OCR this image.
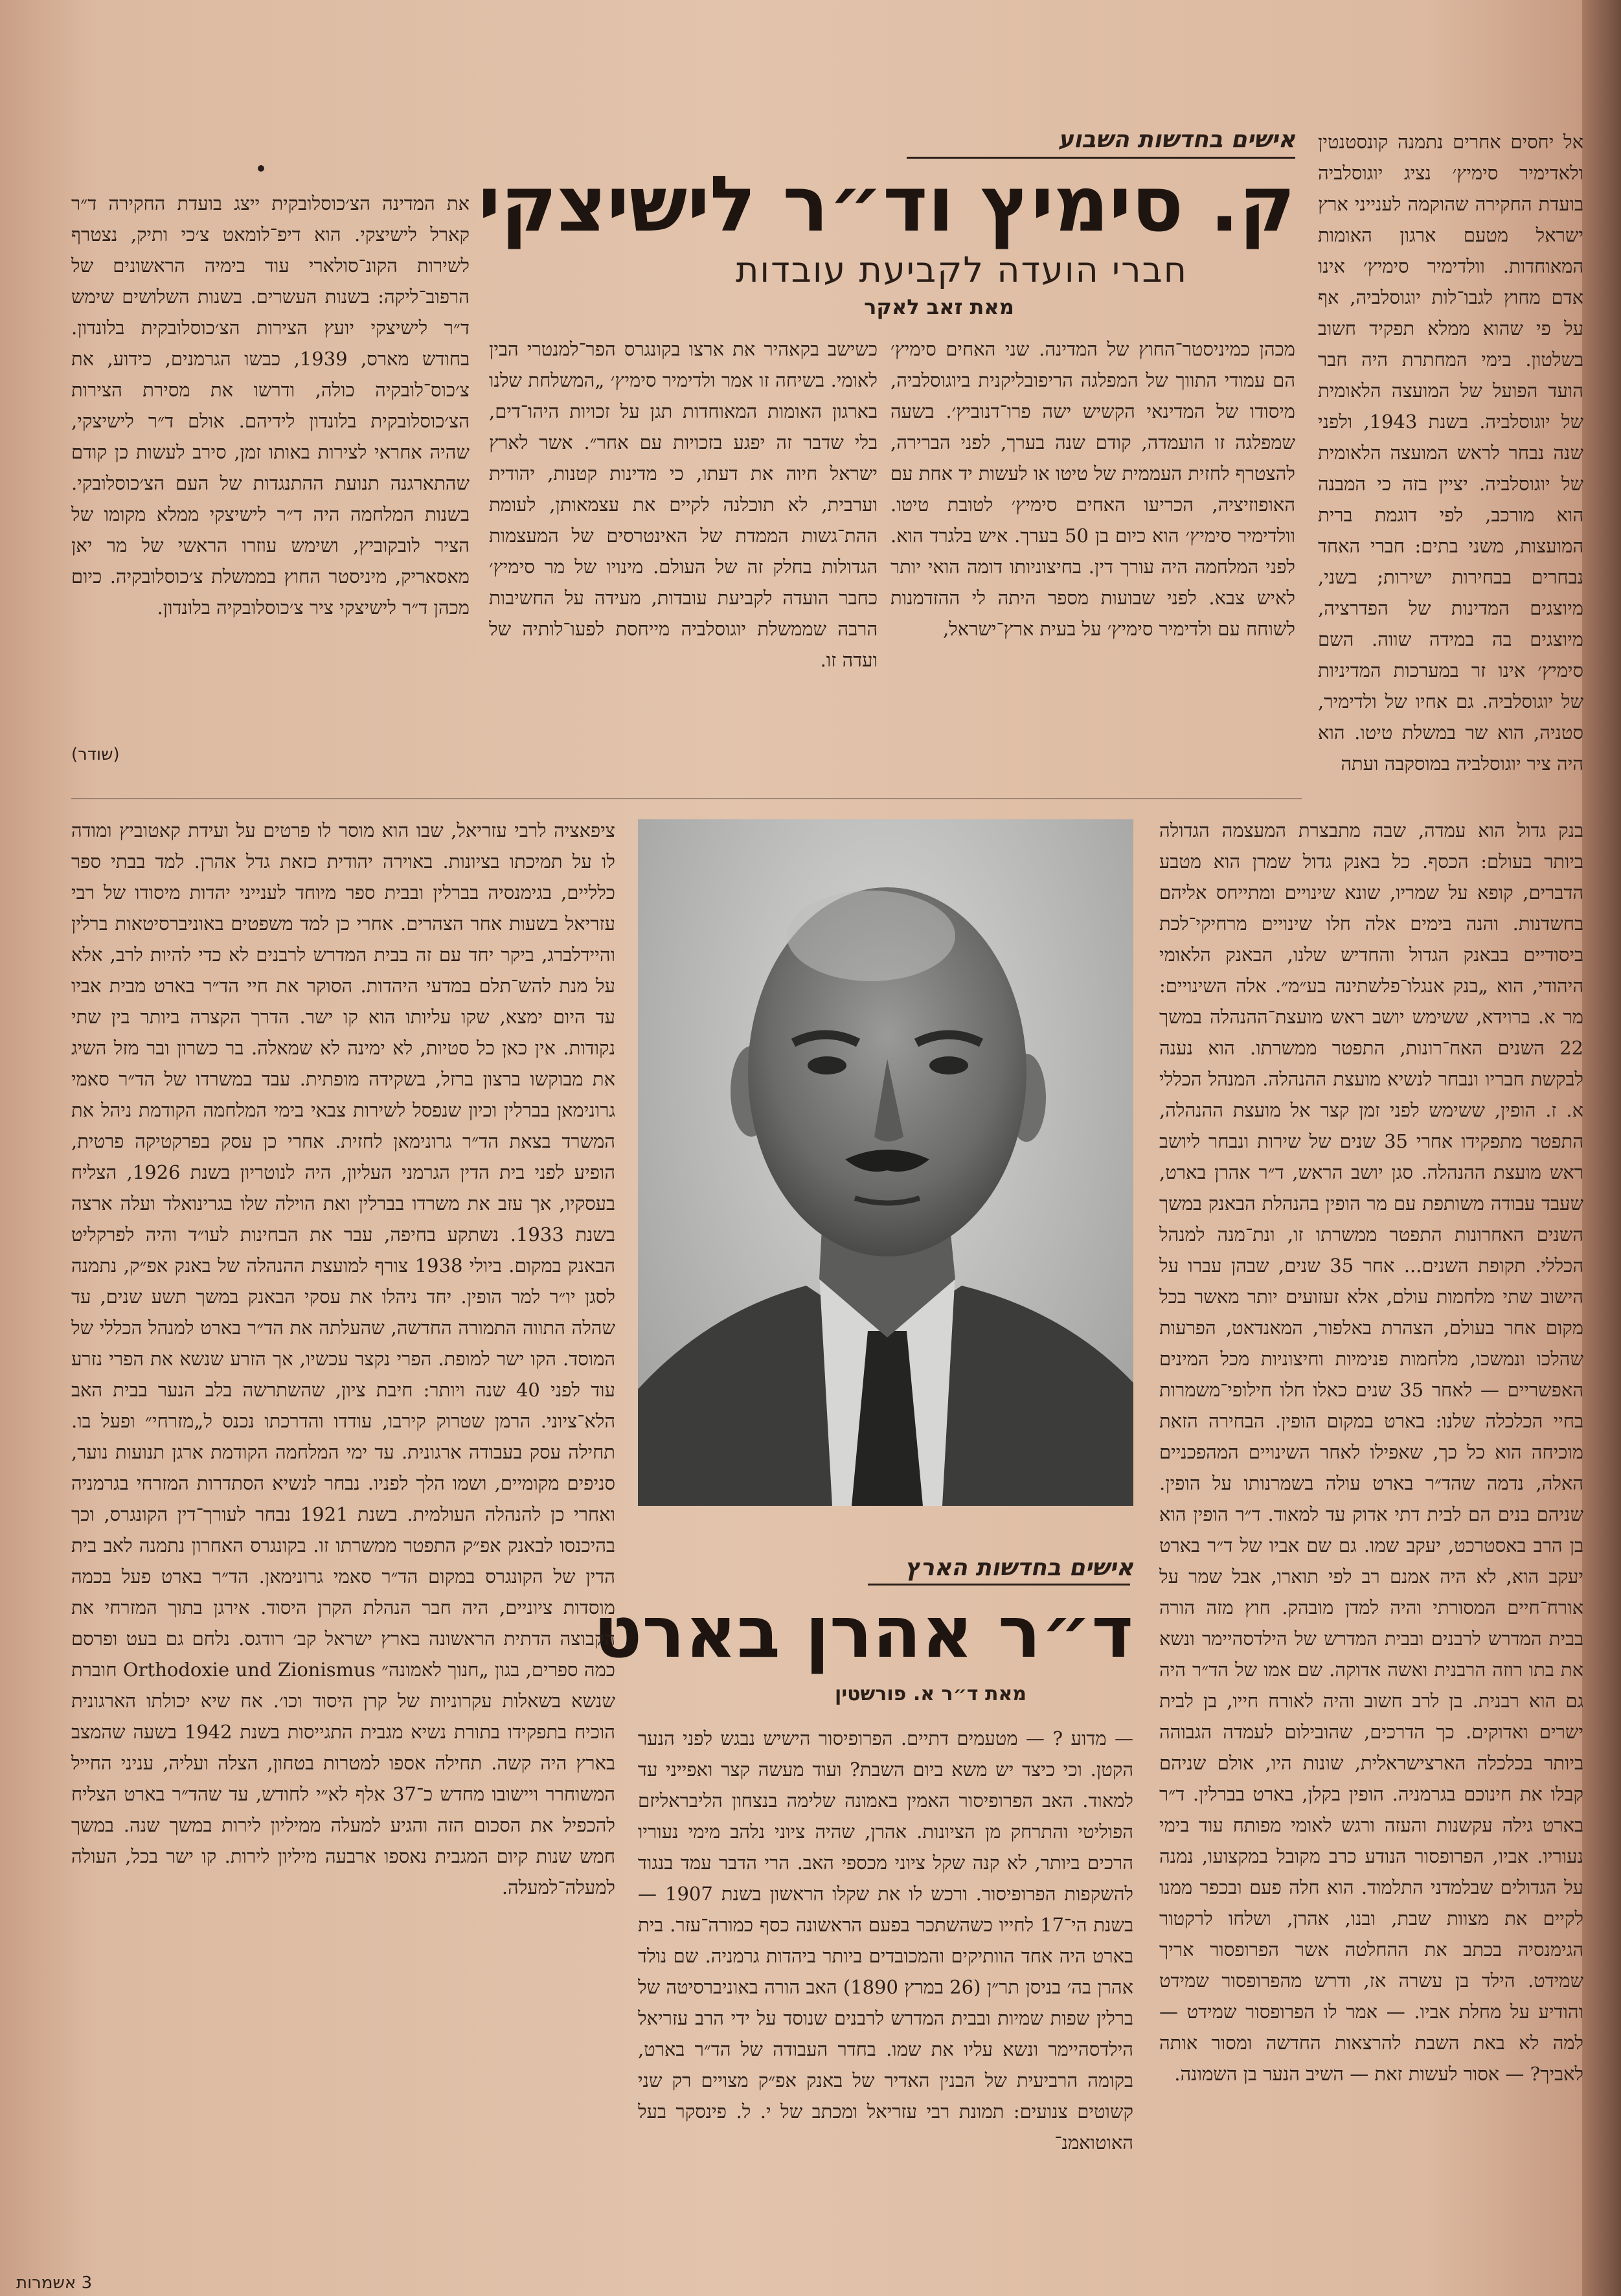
אישים בחדשות השבוע
ק. סימיץ וד״ר לישיצקי
חברי הועדה לקביעת עובדות
מאת זאב לאקר
אל יחסים אחרים נתמנה קונסטנטין ולאדימיר סימיץ׳ נציג יוגוסלביה בועדת החקירה שהוקמה לענייני ארץ ישראל מטעם ארגון האומות המאוחדות. וולדימיר סימיץ׳ אינו אדם מחוץ לגבו־לות יוגוסלביה, אף על פי שהוא ממלא תפקיד חשוב בשלטון. בימי המחתרת היה חבר הועד הפועל של המועצה הלאומית של יוגוסלביה. בשנת 1943, ולפני שנה נבחר לראש המועצה הלאומית של יוגוסלביה. יציין בזה כי המבנה הוא מורכב, לפי דוגמת ברית המועצות, משני בתים: חברי האחד נבחרים בבחירות ישירות; בשני, מיוצגים המדינות של הפדרציה, מיוצגים בה במידה שווה. השם סימיץ׳ אינו זר במערכות המדיניות של יוגוסלביה. גם אחיו של ולדימיר, סטניה, הוא שר במשלת טיטו. הוא היה ציר יוגוסלביה במוסקבה ועתה
מכהן כמיניסטר־החוץ של המדינה. שני האחים סימיץ׳ הם עמודי התווך של המפלגה הריפובליקנית ביוגוסלביה, מיסודו של המדינאי הקשיש ישה פרו־דנוביץ׳. בשעה שמפלגה זו הועמדה, קודם שנה בערך, לפני הברירה, להצטרף לחזית העממית של טיטו או לעשות יד אחת עם האופוזיציה, הכריעו האחים סימיץ׳ לטובת טיטו. וולדימיר סימיץ׳ הוא כיום בן 50 בערך. איש בלגרד הוא. לפני המלחמה היה עורך דין. בחיצוניותו דומה הואי יותר לאיש צבא. לפני שבועות מספר היתה לי ההזדמנות לשוחח עם ולדימיר סימיץ׳ על בעית ארץ־ישראל,
כשישב בקאהיר את ארצו בקונגרס הפר־למנטרי הבין לאומי. בשיחה זו אמר ולדימיר סימיץ׳ „המשלחת שלנו בארגון האומות המאוחדות תגן על זכויות היהו־דים, בלי שדבר זה יפגע בזכויות עם אחר״. אשר לארץ ישראל חיוה את דעתו, כי מדינות קטנות, יהודית וערבית, לא תוכלנה לקיים את עצמאותן, לעומת ההת־גשות הממדת של האינטרסים של המעצמות הגדולות בחלק זה של העולם. מינויו של מר סימיץ׳ כחבר הועדה לקביעת עובדות, מעידה על החשיבות הרבה שממשלת יוגוסלביה מייחסת לפעו־לותיה של ועדה זו.
את המדינה הצ׳כוסלובקית ייצג בועדת החקירה ד״ר קארל לישיצקי. הוא דיפ־לומאט צ׳כי ותיק, נצטרף לשירות הקונ־סולארי עוד בימיה הראשונים של הרפוב־ליקה: בשנות העשרים. בשנות השלושים שימש ד״ר לישיצקי יועץ הצירות הצ׳כוסלובקית בלונדון. בחודש מארס, 1939, כבשו הגרמנים, כידוע, את צ׳כוס־לובקיה כולה, ודרשו את מסירת הצירות הצ׳כוסלובקית בלונדון לידיהם. אולם ד״ר לישיצקי, שהיה אחראי לצירות באותו זמן, סירב לעשות כן קודם שהתארגנה תנועת ההתנגדות של העם הצ׳כוסלובקי. בשנות המלחמה היה ד״ר לישיצקי ממלא מקומו של הציר לובקוביץ, ושימש עוזרו הראשי של מר יאן מאסאריק, מיניסטר החוץ בממשלת צ׳כוסלובקיה. כיום מכהן ד״ר לישיצקי ציר צ׳כוסלובקיה בלונדון.
(שודר)
אישים בחדשות הארץ
ד״ר אהרן בארט
מאת ד״ר א. פורשטין
בנק גדול הוא עמדה, שבה מתבצרת המעצמה הגדולה ביותר בעולם: הכסף. כל באנק גדול שמרן הוא מטבע הדברים, קופא על שמריו, שונא שינויים ומתייחס אליהם בחשדנות. והנה בימים אלה חלו שינויים מרחיקי־לכת ביסודיים בבאנק הגדול והחדיש שלנו, הבאנק הלאומי היהודי, הוא „בנק אנגלו־פלשתינה בע״מ״. אלה השינויים: מר א. ברוידא, ששימש יושב ראש מועצת־ההנהלה במשך 22 השנים האח־רונות, התפטר ממשרתו. הוא נענה לבקשת חבריו ונבחר לנשיא מועצת ההנהלה. המנהל הכללי א. ז. הופין, ששימש לפני זמן קצר אל מועצת ההנהלה, התפטר מתפקידו אחרי 35 שנים של שירות ונבחר ליושב ראש מועצת ההנהלה. סגן יושב הראש, ד״ר אהרן בארט, שעבד עבודה משותפת עם מר הופין בהנהלת הבאנק במשך השנים האחרונות התפטר ממשרתו זו, ונת־מנה למנהל הכללי. תקופת השנים... אחר 35 שנים, שבהן עברו על הישוב שתי מלחמות עולם, אלא זעזועים יותר מאשר בכל מקום אחר בעולם, הצהרת באלפור, המאנדאט, הפרעות שהלכו ונמשכו, מלחמות פנימיות וחיצוניות מכל המינים האפשריים — לאחר 35 שנים כאלו חלו חילופי־משמרות בחיי הכלכלה שלנו: בארט במקום הופין. הבחירה הזאת מוכיחה הוא כל כך, שאפילו לאחר השינויים המהפכניים האלה, נדמה שהד״ר בארט עולה בשמרנותו על הופין. שניהם בנים הם לבית דתי אדוק עד למאוד. ד״ר הופין הוא בן הרב באסטרכט, יעקב שמו. גם שם אביו של ד״ר בארט יעקב הוא, לא היה אמנם רב לפי תוארו, אבל שמר על אורח־חיים המסורתי והיה למדן מובהק. חוץ מזה הורה בבית המדרש לרבנים ובבית המדרש של הילדסהיימר ונשא את בתו רוזה הרבנית ואשה אדוקה. שם אמו של הד״ר היה גם הוא רבנית. בן לרב חשוב והיה לאורח חייו, בן לבית ישרים ואדוקים. כך הדרכים, שהובילום לעמדה הגבוהה ביותר בכלכלה הארצישראלית, שונות היו, אולם שניהם קבלו את חינוכם בגרמניה. הופין בקלן, בארט בברלין. ד״ר בארט גילה עקשנות והעזה ורגש לאומי מפותח עוד בימי נעוריו. אביו, הפרופסור הנודע כרב מקובל במקצועו, נמנה על הגדולים שבלמדני התלמוד. הוא חלה פעם ובכפר ממנו לקיים את מצוות שבת, ובנו, אהרן, ושלחו לרקטור הגימנסיה בכתב את ההחלטה אשר הפרופסור אריך שמידט. הילד בן עשרה אז, ודרש מהפרופסור שמידט והודיע על מחלת אביו. — אמר לו הפרופסור שמידט — למה לא באת השבת להרצאות החדשה ומסור אותה לאביך? — אסור לעשות זאת — השיב הנער בן השמונה.
— מדוע ? — מטעמים דתיים. הפרופיסור הישיש נבגש לפני הנער הקטן. וכי כיצד יש משא ביום השבת? ועוד מעשה קצר ואפייני עד למאוד. האב הפרופיסור האמין באמונה שלימה בנצחון הליבראליזם הפוליטי והתרחק מן הציונות. אהרן, שהיה ציוני נלהב מימי נעוריו הרכים ביותר, לא קנה שקל ציוני מכספי האב. הרי הדבר עמד בנגוד להשקפות הפרופיסור. ורכש לו את שקלו הראשון בשנת 1907 — בשנת הי־17 לחייו כשהשתכר בפעם הראשונה כסף כמורה־עזר. בית בארט היה אחד הוותיקים והמכובדים ביותר ביהדות גרמניה. שם נולד אהרן בה׳ בניסן תר״ן (26 במרץ 1890) האב הורה באוניברסיטה של ברלין שפות שמיות ובבית המדרש לרבנים שנוסד על ידי הרב עזריאל הילדסהיימר ונשא עליו את שמו. בחדר העבודה של הד״ר בארט, בקומה הרביעית של הבנין האדיר של באנק אפ״ק מצויים רק שני קשוטים צנועים: תמונת רבי עזריאל ומכתב של י. ל. פינסקר בעל האוטואמנ־
ציפאציה לרבי עזריאל, שבו הוא מוסר לו פרטים על ועידת קאטוביץ ומודה לו על תמיכתו בציונות. באוירה יהודית כזאת גדל אהרן. למד בבתי ספר כלליים, בגימנסיה בברלין ובבית ספר מיוחד לענייני יהדות מיסודו של רבי עזריאל בשעות אחר הצהרים. אחרי כן למד משפטים באוניברסיטאות ברלין והיידלברג, ביקר יחד עם זה בבית המדרש לרבנים לא כדי להיות לרב, אלא על מנת להש־תלם במדעי היהדות. הסוקר את חיי הד״ר בארט מבית אביו עד היום ימצא, שקו עליותו הוא קו ישר. הדרך הקצרה ביותר בין שתי נקודות. אין כאן כל סטיות, לא ימינה לא שמאלה. בר כשרון ובר מזל השיג את מבוקשו ברצון ברזל, בשקידה מופתית. עבד במשרדו של הד״ר סאמי גרונימאן בברלין וכיון שנפסל לשירות צבאי בימי המלחמה הקודמת ניהל את המשרד בצאת הד״ר גרונימאן לחזית. אחרי כן עסק בפרקטיקה פרטית, הופיע לפני בית הדין הגרמני העליון, היה לנוטריון בשנת 1926, הצליח בעסקיו, אך עזב את משרדו בברלין ואת הוילה שלו בגרינואלד ועלה ארצה בשנת 1933. נשתקע בחיפה, עבר את הבחינות לעו״ד והיה לפרקליט הבאנק במקום. ביולי 1938 צורף למועצת ההנהלה של באנק אפ״ק, נתמנה לסגן יו״ר למר הופין. יחד ניהלו את עסקי הבאנק במשך תשע שנים, עד שהלה התווה התמורה החדשה, שהעלתה את הד״ר בארט למנהל הכללי של המוסד. הקו ישר למופת. הפרי נקצר עכשיו, אך הזרע שנשא את הפרי נזרע עוד לפני 40 שנה ויותר: חיבת ציון, שהשתרשה בלב הנער בבית האב הלא־ציוני. הרמן שטרוק קירבו, עודדו והדרכתו נכנס ל„מזרחי״ ופעל בו. תחילה עסק בעבודה ארגונית. עד ימי המלחמה הקודמת ארגן תנועות נוער, סניפים מקומיים, ושמו הלך לפניו. נבחר לנשיא הסתדרות המזרחי בגרמניה ואחרי כן להנהלה העולמית. בשנת 1921 נבחר לעורך־דין הקונגרס, וכך בהיכנסו לבאנק אפ״ק התפטר ממשרתו זו. בקונגרס האחרון נתמנה לאב בית הדין של הקונגרס במקום הד״ר סאמי גרונימאן. הד״ר בארט פעל בכמה מוסדות ציוניים, היה חבר הנהלת הקרן היסוד. אירגן בתוך המזרחי את הקבוצה הדתית הראשונה בארץ ישראל קב׳ רודגס. נלחם גם בעט ופרסם כמה ספרים, בגון „חנוך לאמונה״ Orthodoxie und Zionismus חוברת שנשא בשאלות עקרוניות של קרן היסוד וכו׳. אח שיא יכולתו הארגונית הוכיח בתפקידו בתורת נשיא מגבית התגייסות בשנת 1942 בשעה שהמצב בארץ היה קשה. תחילה אספו למטרות בטחון, הצלה ועליה, עניני החייל המשוחרר ויישובו מחדש כ־37 אלף לא״י לחודש, עד שהד״ר בארט הצליח להכפיל את הסכום הזה והגיע למעלה ממיליון לירות במשך שנה. במשך חמש שנות קיום המגבית נאספו ארבעה מיליון לירות. קו ישר בכל, העולה למעלה־למעלה.
3 אשמרות
